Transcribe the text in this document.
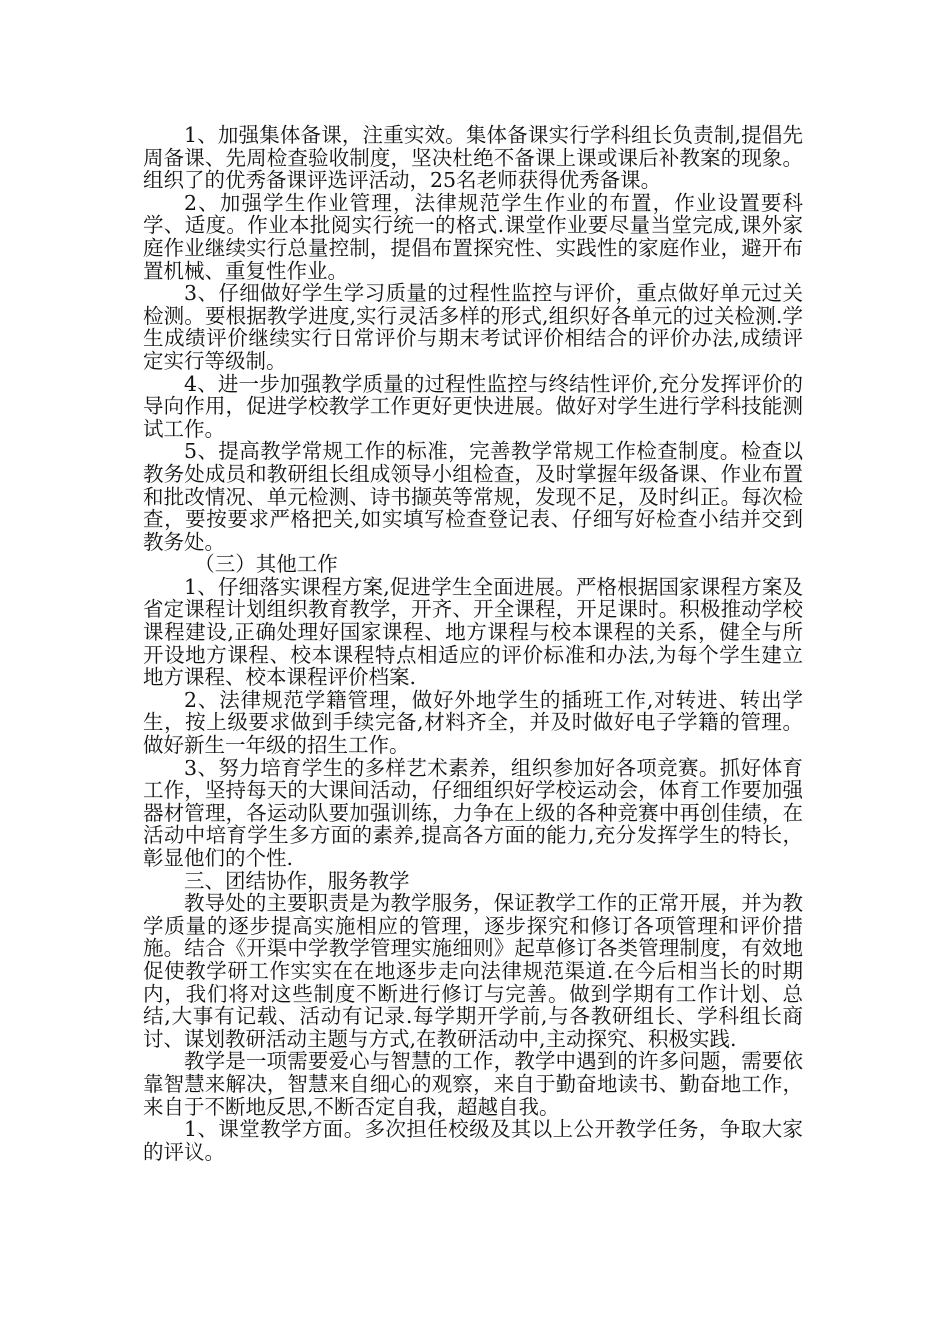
1、加强集体备课，注重实效。集体备课实行学科组长负责制,提倡先周备课、先周检查验收制度，坚决杜绝不备课上课或课后补教案的现象。组织了的优秀备课评选评活动，25名老师获得优秀备课。

2、加强学生作业管理，法律规范学生作业的布置，作业设置要科学、适度。作业本批阅实行统一的格式.课堂作业要尽量当堂完成,课外家庭作业继续实行总量控制，提倡布置探究性、实践性的家庭作业，避开布置机械、重复性作业。

3、仔细做好学生学习质量的过程性监控与评价，重点做好单元过关检测。要根据教学进度,实行灵活多样的形式,组织好各单元的过关检测.学生成绩评价继续实行日常评价与期末考试评价相结合的评价办法,成绩评定实行等级制。

4、进一步加强教学质量的过程性监控与终结性评价,充分发挥评价的导向作用，促进学校教学工作更好更快进展。做好对学生进行学科技能测试工作。

5、提高教学常规工作的标准，完善教学常规工作检查制度。检查以教务处成员和教研组长组成领导小组检查，及时掌握年级备课、作业布置和批改情况、单元检测、诗书撷英等常规，发现不足，及时纠正。每次检查，要按要求严格把关,如实填写检查登记表、仔细写好检查小结并交到教务处。

（三）其他工作

1、仔细落实课程方案,促进学生全面进展。严格根据国家课程方案及省定课程计划组织教育教学，开齐、开全课程，开足课时。积极推动学校课程建设,正确处理好国家课程、地方课程与校本课程的关系，健全与所开设地方课程、校本课程特点相适应的评价标准和办法,为每个学生建立地方课程、校本课程评价档案.

2、法律规范学籍管理，做好外地学生的插班工作,对转进、转出学生，按上级要求做到手续完备,材料齐全，并及时做好电子学籍的管理。做好新生一年级的招生工作。

3、努力培育学生的多样艺术素养，组织参加好各项竞赛。抓好体育工作，坚持每天的大课间活动，仔细组织好学校运动会，体育工作要加强器材管理，各运动队要加强训练，力争在上级的各种竞赛中再创佳绩，在活动中培育学生多方面的素养,提高各方面的能力,充分发挥学生的特长，彰显他们的个性.

三、团结协作，服务教学

教导处的主要职责是为教学服务，保证教学工作的正常开展，并为教学质量的逐步提高实施相应的管理，逐步探究和修订各项管理和评价措施。结合《开渠中学教学管理实施细则》起草修订各类管理制度，有效地促使教学研工作实实在在地逐步走向法律规范渠道.在今后相当长的时期内，我们将对这些制度不断进行修订与完善。做到学期有工作计划、总结,大事有记载、活动有记录.每学期开学前,与各教研组长、学科组长商讨、谋划教研活动主题与方式,在教研活动中,主动探究、积极实践.

教学是一项需要爱心与智慧的工作，教学中遇到的许多问题，需要依靠智慧来解决，智慧来自细心的观察，来自于勤奋地读书、勤奋地工作，来自于不断地反思,不断否定自我，超越自我。

1、课堂教学方面。多次担任校级及其以上公开教学任务，争取大家的评议。
